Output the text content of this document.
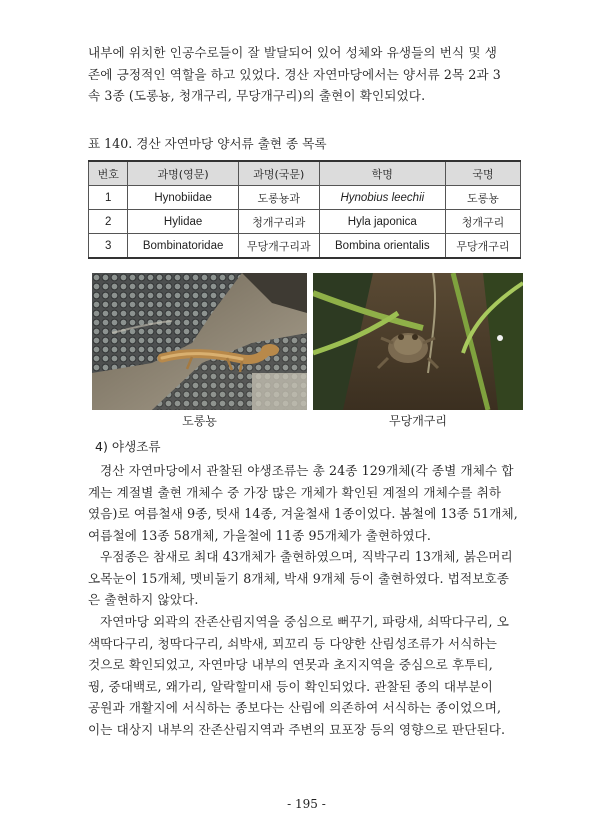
내부에 위치한 인공수로들이 잘 발달되어 있어 성체와 유생들의 번식 및 생
존에 긍정적인 역할을 하고 있었다. 경산 자연마당에서는 양서류 2목 2과 3
속 3종 (도롱뇽, 청개구리, 무당개구리)의 출현이 확인되었다.
표 140. 경산 자연마당 양서류 출현 종 목록
번호	과명(영문)	과명(국문)	학명	국명
1	Hynobiidae	도롱뇽과	Hynobius leechii	도롱뇽
2	Hylidae	청개구리과	Hyla japonica	청개구리
3	Bombinatoridae	무당개구리과	Bombina orientalis	무당개구리
도롱뇽	무당개구리
4) 야생조류
경산 자연마당에서 관찰된 야생조류는 총 24종 129개체(각 종별 개체수 합
계는 계절별 출현 개체수 중 가장 많은 개체가 확인된 계절의 개체수를 취하
였음)로 여름철새 9종, 텃새 14종, 겨울철새 1종이었다. 봄철에 13종 51개체,
여름철에 13종 58개체, 가을철에 11종 95개체가 출현하였다.
우점종은 참새로 최대 43개체가 출현하였으며, 직박구리 13개체, 붉은머리
오목눈이 15개체, 멧비둘기 8개체, 박새 9개체 등이 출현하였다. 법적보호종
은 출현하지 않았다.
자연마당 외곽의 잔존산림지역을 중심으로 뻐꾸기, 파랑새, 쇠딱다구리, 오
색딱다구리, 청딱다구리, 쇠박새, 꾀꼬리 등 다양한 산림성조류가 서식하는
것으로 확인되었고, 자연마당 내부의 연못과 초지지역을 중심으로 후투티,
꿩, 중대백로, 왜가리, 알락할미새 등이 확인되었다. 관찰된 종의 대부분이
공원과 개활지에 서식하는 종보다는 산림에 의존하여 서식하는 종이었으며,
이는 대상지 내부의 잔존산림지역과 주변의 묘포장 등의 영향으로 판단된다.
- 195 -
